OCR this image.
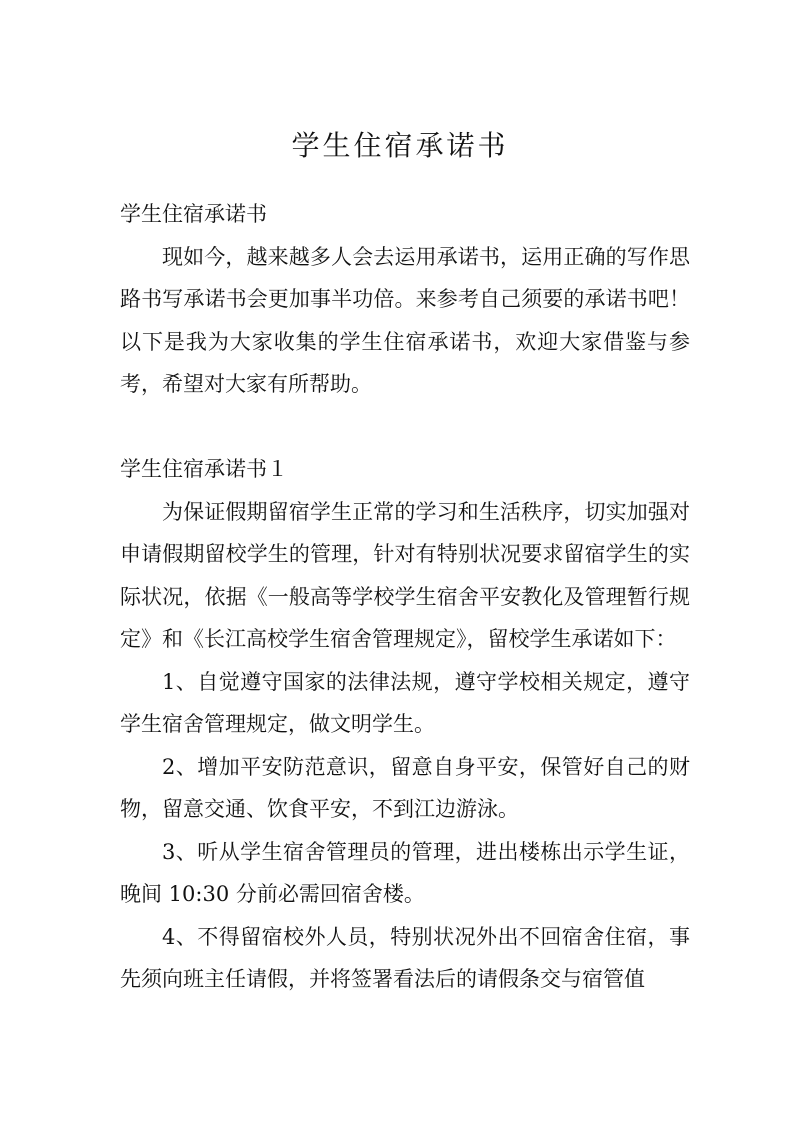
学生住宿承诺书

学生住宿承诺书

现如今，越来越多人会去运用承诺书，运用正确的写作思路书写承诺书会更加事半功倍。来参考自己须要的承诺书吧！以下是我为大家收集的学生住宿承诺书，欢迎大家借鉴与参考，希望对大家有所帮助。

学生住宿承诺书１

为保证假期留宿学生正常的学习和生活秩序，切实加强对申请假期留校学生的管理，针对有特别状况要求留宿学生的实际状况，依据《一般高等学校学生宿舍平安教化及管理暂行规定》和《长江高校学生宿舍管理规定》，留校学生承诺如下：

1、自觉遵守国家的法律法规，遵守学校相关规定，遵守学生宿舍管理规定，做文明学生。

2、增加平安防范意识，留意自身平安，保管好自己的财物，留意交通、饮食平安，不到江边游泳。

3、听从学生宿舍管理员的管理，进出楼栋出示学生证，晚间 10:30 分前必需回宿舍楼。

4、不得留宿校外人员，特别状况外出不回宿舍住宿，事先须向班主任请假，并将签署看法后的请假条交与宿管值
